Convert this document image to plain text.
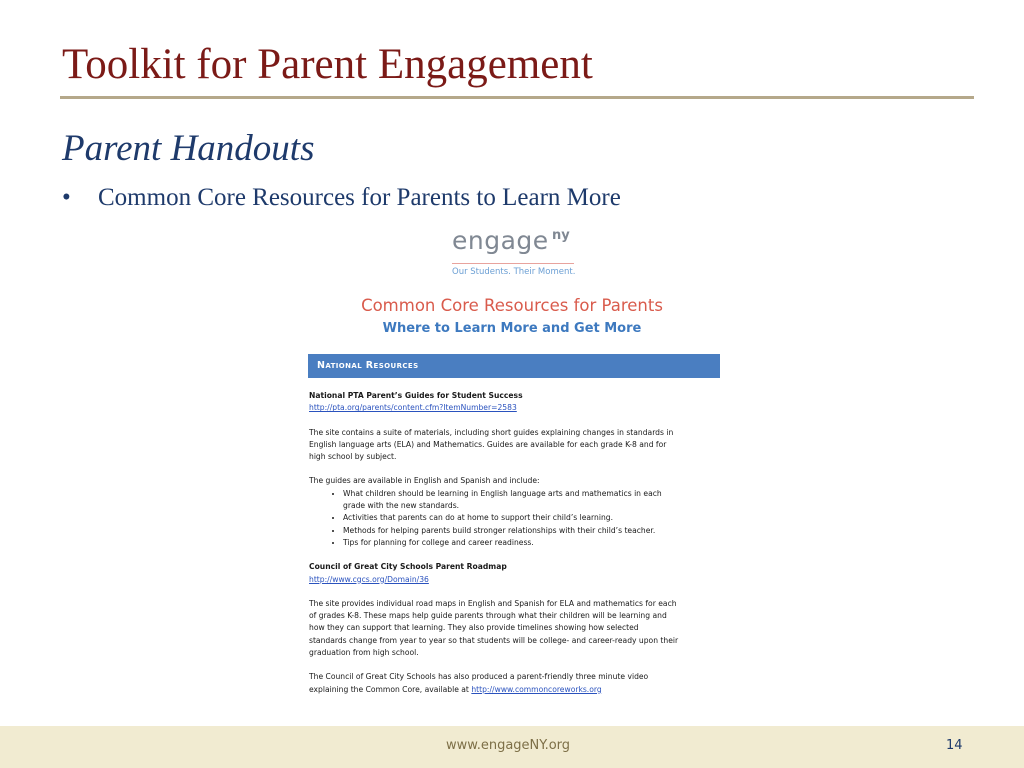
Toolkit for Parent Engagement
Parent Handouts
• Common Core Resources for Parents to Learn More
engage ny
Our Students. Their Moment.
Common Core Resources for Parents
Where to Learn More and Get More
National Resources

National PTA Parent’s Guides for Student Success

http://pta.org/parents/content.cfm?ItemNumber=2583

The site contains a suite of materials, including short guides explaining changes in standards in

English language arts (ELA) and Mathematics. Guides are available for each grade K-8 and for

high school by subject.

The guides are available in English and Spanish and include:

• What children should be learning in English language arts and mathematics in each
grade with the new standards.
• Activities that parents can do at home to support their child’s learning.
• Methods for helping parents build stronger relationships with their child’s teacher.
• Tips for planning for college and career readiness.

Council of Great City Schools Parent Roadmap

http://www.cgcs.org/Domain/36

The site provides individual road maps in English and Spanish for ELA and mathematics for each

of grades K-8. These maps help guide parents through what their children will be learning and

how they can support that learning. They also provide timelines showing how selected

standards change from year to year so that students will be college- and career-ready upon their

graduation from high school.

The Council of Great City Schools has also produced a parent-friendly three minute video

explaining the Common Core, available at http://www.commoncoreworks.org

www.engageNY.org	14
